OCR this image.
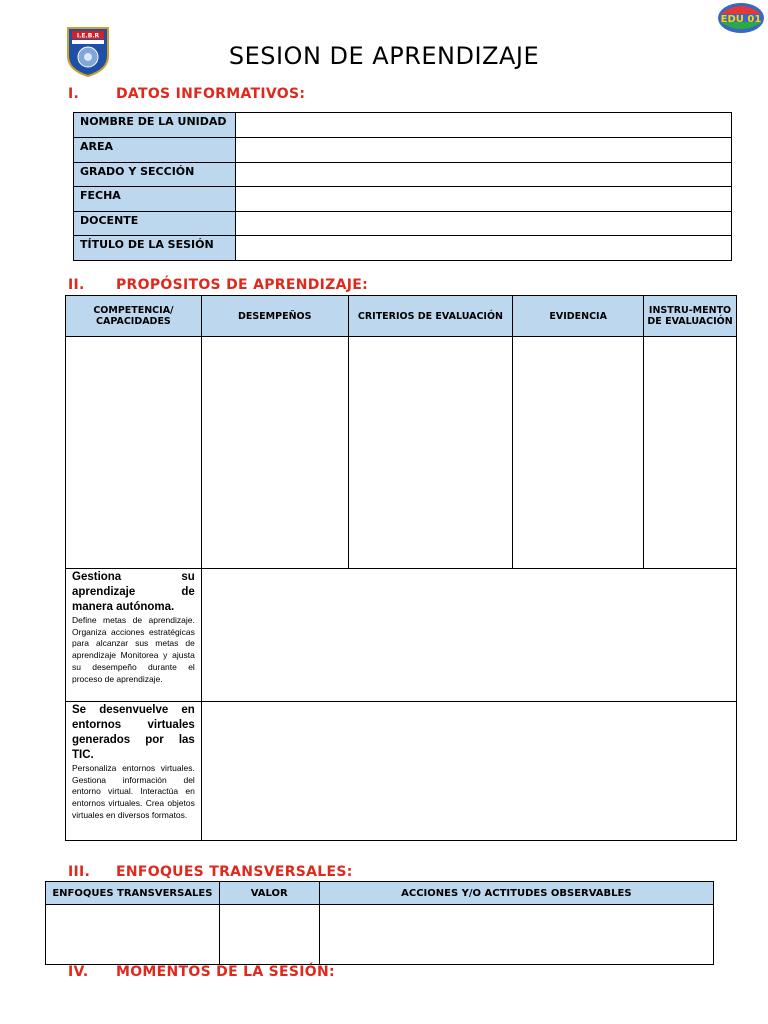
I.E.B.R
EDU 01
SESION DE APRENDIZAJE
I.	DATOS INFORMATIVOS:
NOMBRE DE LA UNIDAD	
AREA	
GRADO Y SECCIÓN	
FECHA	
DOCENTE	
TÍTULO DE LA SESIÓN	
II. PROPÓSITOS DE APRENDIZAJE:
COMPETENCIA/ CAPACIDADES	DESEMPEÑOS	CRITERIOS DE EVALUACIÓN	EVIDENCIA	INSTRU-MENTO DE EVALUACIÓN

Gestiona su aprendizaje de manera autónoma.
Define metas de aprendizaje. Organiza acciones estratégicas para alcanzar sus metas de aprendizaje Monitorea y ajusta su desempeño durante el proceso de aprendizaje.				

Se desenvuelve en entornos virtuales generados por las TIC.
Personaliza entornos virtuales. Gestiona información del entorno virtual. Interactúa en entornos virtuales. Crea objetos virtuales en diversos formatos.				

III. ENFOQUES TRANSVERSALES:
ENFOQUES TRANSVERSALES	VALOR	ACCIONES Y/O ACTITUDES OBSERVABLES

IV. MOMENTOS DE LA SESIÓN:
